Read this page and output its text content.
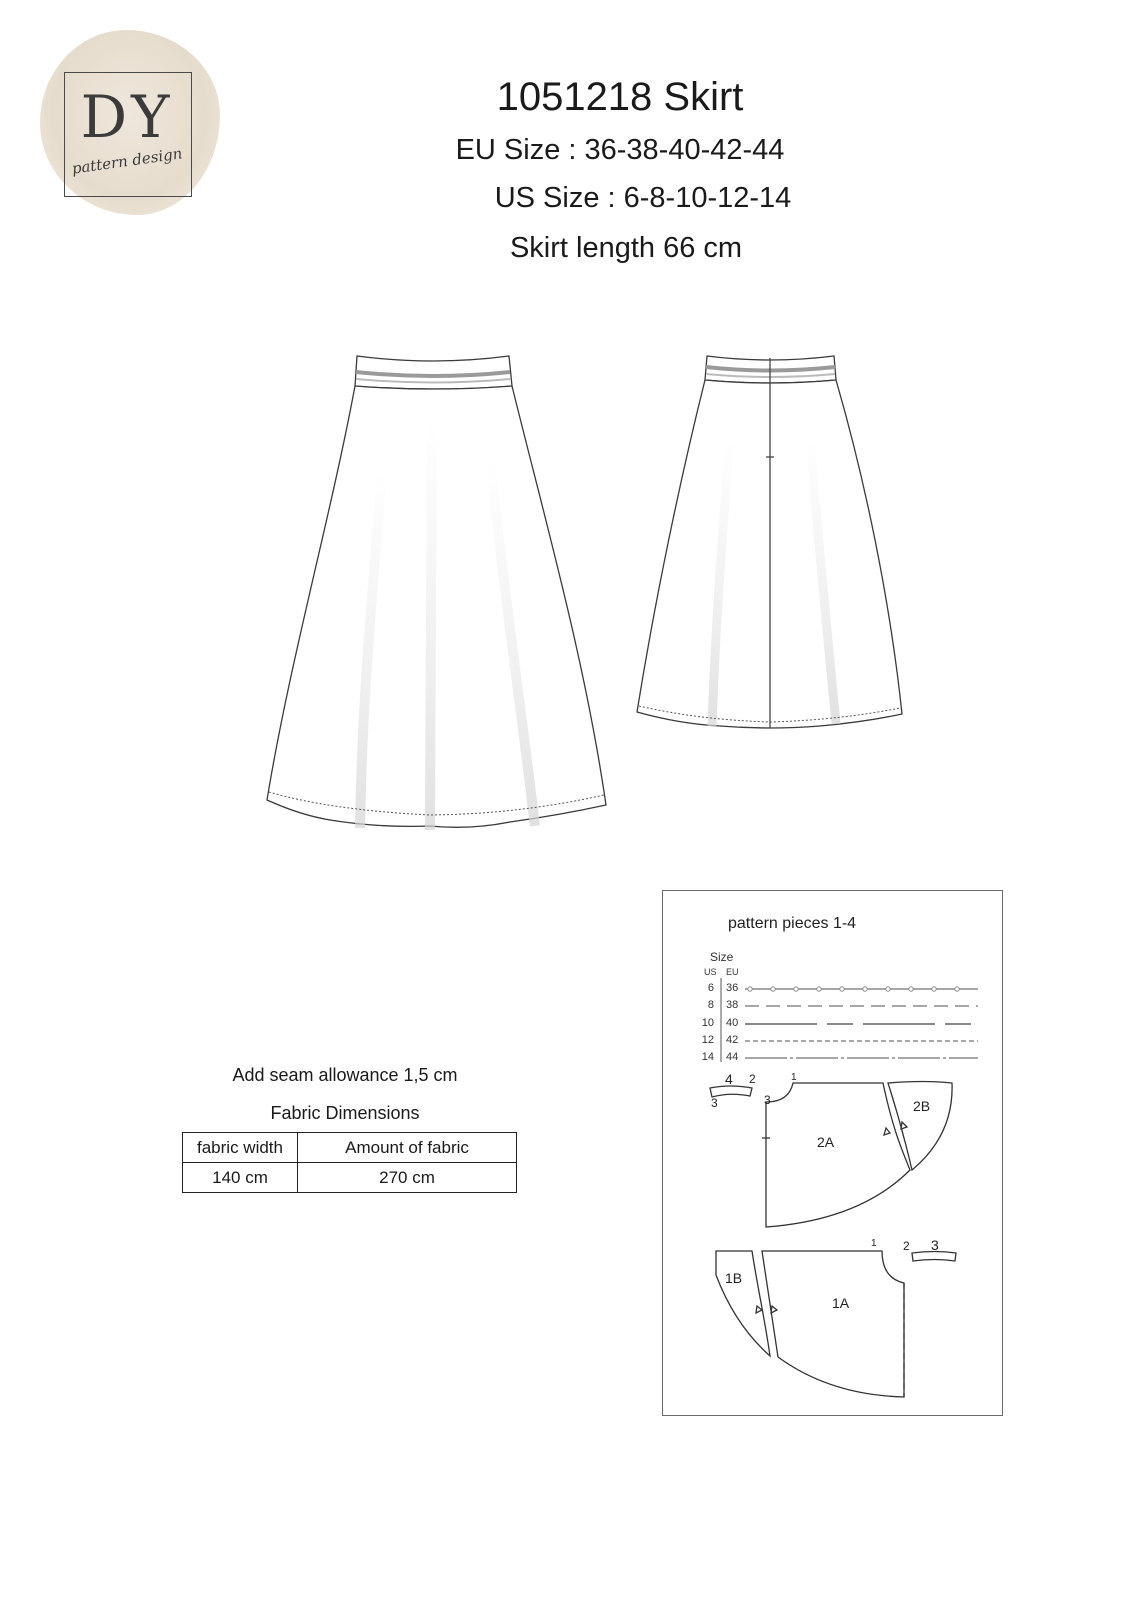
DY
pattern design
1051218 Skirt
EU Size : 36-38-40-42-44
US Size : 6-8-10-12-14
Skirt length 66 cm
Add seam allowance 1,5 cm
Fabric Dimensions
fabric width	Amount of fabric
140 cm	270 cm
pattern pieces 1-4
Size
US EU
6 36
8 38
10 40
12 42
14 44
2A
2B
1A
1B
4 2
3
1
3
1 2 3
